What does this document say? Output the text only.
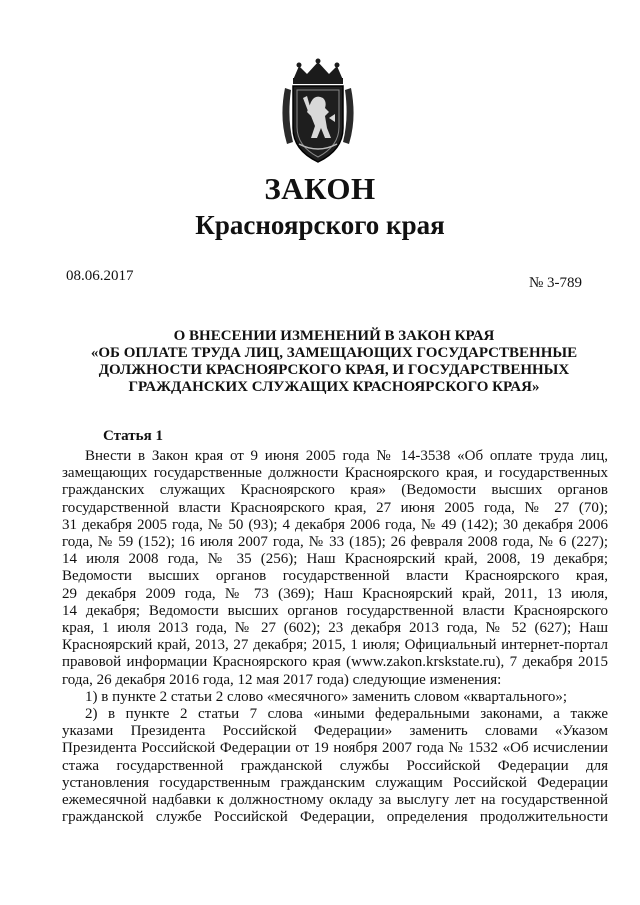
ЗАКОН
Красноярского края
08.06.2017	№ 3-789
О ВНЕСЕНИИ ИЗМЕНЕНИЙ В ЗАКОН КРАЯ
«ОБ ОПЛАТЕ ТРУДА ЛИЦ, ЗАМЕЩАЮЩИХ ГОСУДАРСТВЕННЫЕ
ДОЛЖНОСТИ КРАСНОЯРСКОГО КРАЯ, И ГОСУДАРСТВЕННЫХ
ГРАЖДАНСКИХ СЛУЖАЩИХ КРАСНОЯРСКОГО КРАЯ»
Статья 1
Внести в Закон края от 9 июня 2005 года № 14-3538 «Об оплате труда лиц,
замещающих государственные должности Красноярского края, и государственных
гражданских служащих Красноярского края» (Ведомости высших органов
государственной власти Красноярского края, 27 июня 2005 года, № 27 (70);
31 декабря 2005 года, № 50 (93); 4 декабря 2006 года, № 49 (142); 30 декабря 2006
года, № 59 (152); 16 июля 2007 года, № 33 (185); 26 февраля 2008 года, № 6 (227);
14 июля 2008 года, № 35 (256); Наш Красноярский край, 2008, 19 декабря;
Ведомости высших органов государственной власти Красноярского края,
29 декабря 2009 года, № 73 (369); Наш Красноярский край, 2011, 13 июля,
14 декабря; Ведомости высших органов государственной власти Красноярского
края, 1 июля 2013 года, № 27 (602); 23 декабря 2013 года, № 52 (627); Наш
Красноярский край, 2013, 27 декабря; 2015, 1 июля; Официальный интернет-портал
правовой информации Красноярского края (www.zakon.krskstate.ru), 7 декабря 2015
года, 26 декабря 2016 года, 12 мая 2017 года) следующие изменения:
1) в пункте 2 статьи 2 слово «месячного» заменить словом «квартального»;
2) в пункте 2 статьи 7 слова «иными федеральными законами, а также
указами Президента Российской Федерации» заменить словами «Указом
Президента Российской Федерации от 19 ноября 2007 года № 1532 «Об исчислении
стажа государственной гражданской службы Российской Федерации для
установления государственным гражданским служащим Российской Федерации
ежемесячной надбавки к должностному окладу за выслугу лет на государственной
гражданской службе Российской Федерации, определения продолжительности
